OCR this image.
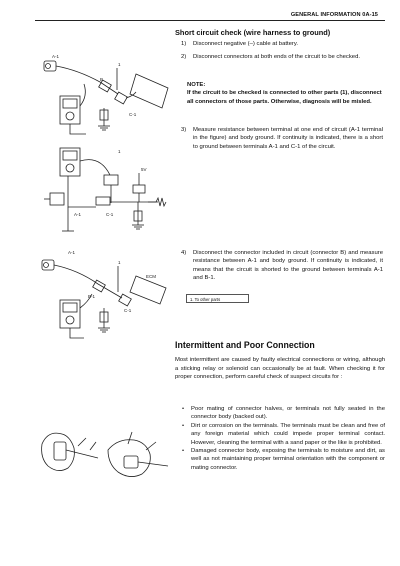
GENERAL INFORMATION 0A-15
A-1
1
B
C-1
1
5V
A-1	C-1
A-1
1
ECM
B-1
C-1
Short circuit check (wire harness to ground)
1) Disconnect negative (–) cable at battery.
2) Disconnect connectors at both ends of the circuit to be checked.
NOTE:
If the circuit to be checked is connected to other parts (1), disconnect all connectors of those parts. Otherwise, diagnosis will be misled.
3) Measure resistance between terminal at one end of circuit (A-1 terminal in the figure) and body ground. If continuity is indicated, there is a short to ground between terminals A-1 and C-1 of the circuit.
4) Disconnect the connector included in circuit (connector B) and measure resistance between A-1 and body ground. If continuity is indicated, it means that the circuit is shorted to the ground between terminals A-1 and B-1.
1. To other parts
Intermittent and Poor Connection
Most intermittent are caused by faulty electrical connections or wiring, although a sticking relay or solenoid can occasionally be at fault. When checking it for proper connection, perform careful check of suspect circuits for :
• Poor mating of connector halves, or terminals not fully seated in the connector body (backed out).
• Dirt or corrosion on the terminals. The terminals must be clean and free of any foreign material which could impede proper terminal contact. However, cleaning the terminal with a sand paper or the like is prohibited.
• Damaged connector body, exposing the terminals to moisture and dirt, as well as not maintaining proper terminal orientation with the component or mating connector.
